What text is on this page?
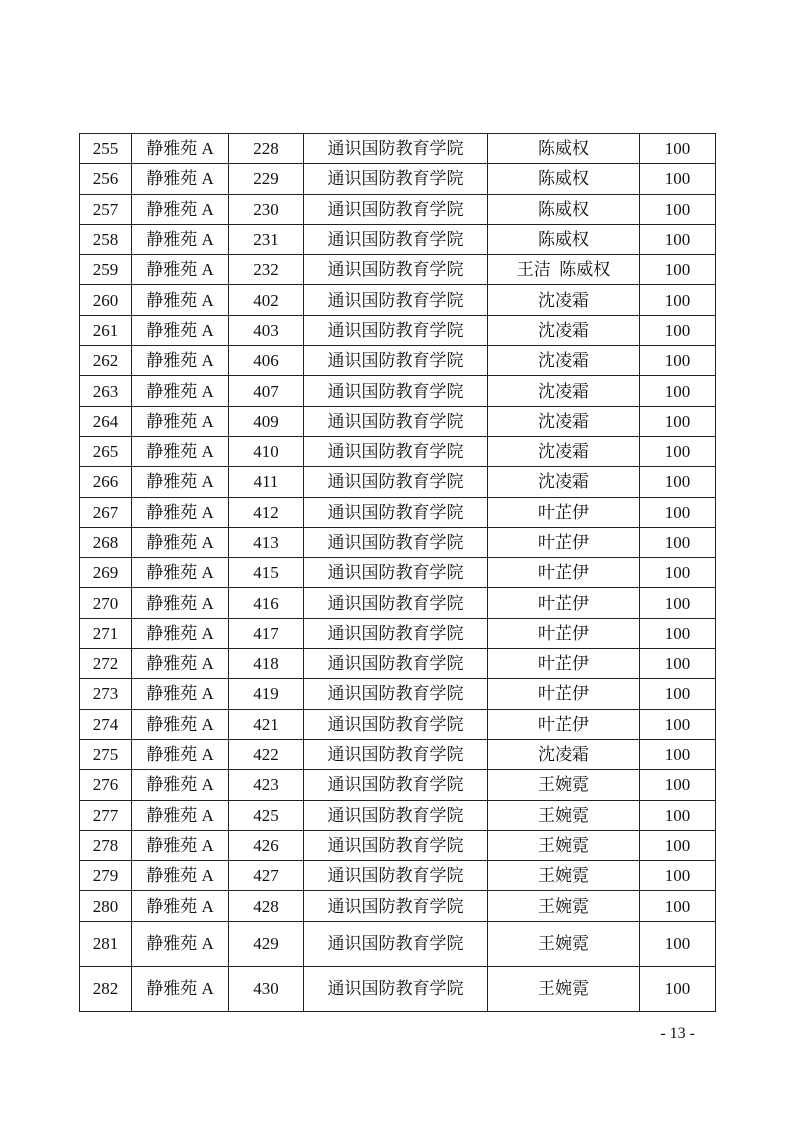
255	静雅苑 A	228	通识国防教育学院	陈威权	100
256	静雅苑 A	229	通识国防教育学院	陈威权	100
257	静雅苑 A	230	通识国防教育学院	陈威权	100
258	静雅苑 A	231	通识国防教育学院	陈威权	100
259	静雅苑 A	232	通识国防教育学院	王洁  陈威权	100
260	静雅苑 A	402	通识国防教育学院	沈凌霜	100
261	静雅苑 A	403	通识国防教育学院	沈凌霜	100
262	静雅苑 A	406	通识国防教育学院	沈凌霜	100
263	静雅苑 A	407	通识国防教育学院	沈凌霜	100
264	静雅苑 A	409	通识国防教育学院	沈凌霜	100
265	静雅苑 A	410	通识国防教育学院	沈凌霜	100
266	静雅苑 A	411	通识国防教育学院	沈凌霜	100
267	静雅苑 A	412	通识国防教育学院	叶芷伊	100
268	静雅苑 A	413	通识国防教育学院	叶芷伊	100
269	静雅苑 A	415	通识国防教育学院	叶芷伊	100
270	静雅苑 A	416	通识国防教育学院	叶芷伊	100
271	静雅苑 A	417	通识国防教育学院	叶芷伊	100
272	静雅苑 A	418	通识国防教育学院	叶芷伊	100
273	静雅苑 A	419	通识国防教育学院	叶芷伊	100
274	静雅苑 A	421	通识国防教育学院	叶芷伊	100
275	静雅苑 A	422	通识国防教育学院	沈凌霜	100
276	静雅苑 A	423	通识国防教育学院	王婉霓	100
277	静雅苑 A	425	通识国防教育学院	王婉霓	100
278	静雅苑 A	426	通识国防教育学院	王婉霓	100
279	静雅苑 A	427	通识国防教育学院	王婉霓	100
280	静雅苑 A	428	通识国防教育学院	王婉霓	100
281	静雅苑 A	429	通识国防教育学院	王婉霓	100
282	静雅苑 A	430	通识国防教育学院	王婉霓	100
- 13 -
